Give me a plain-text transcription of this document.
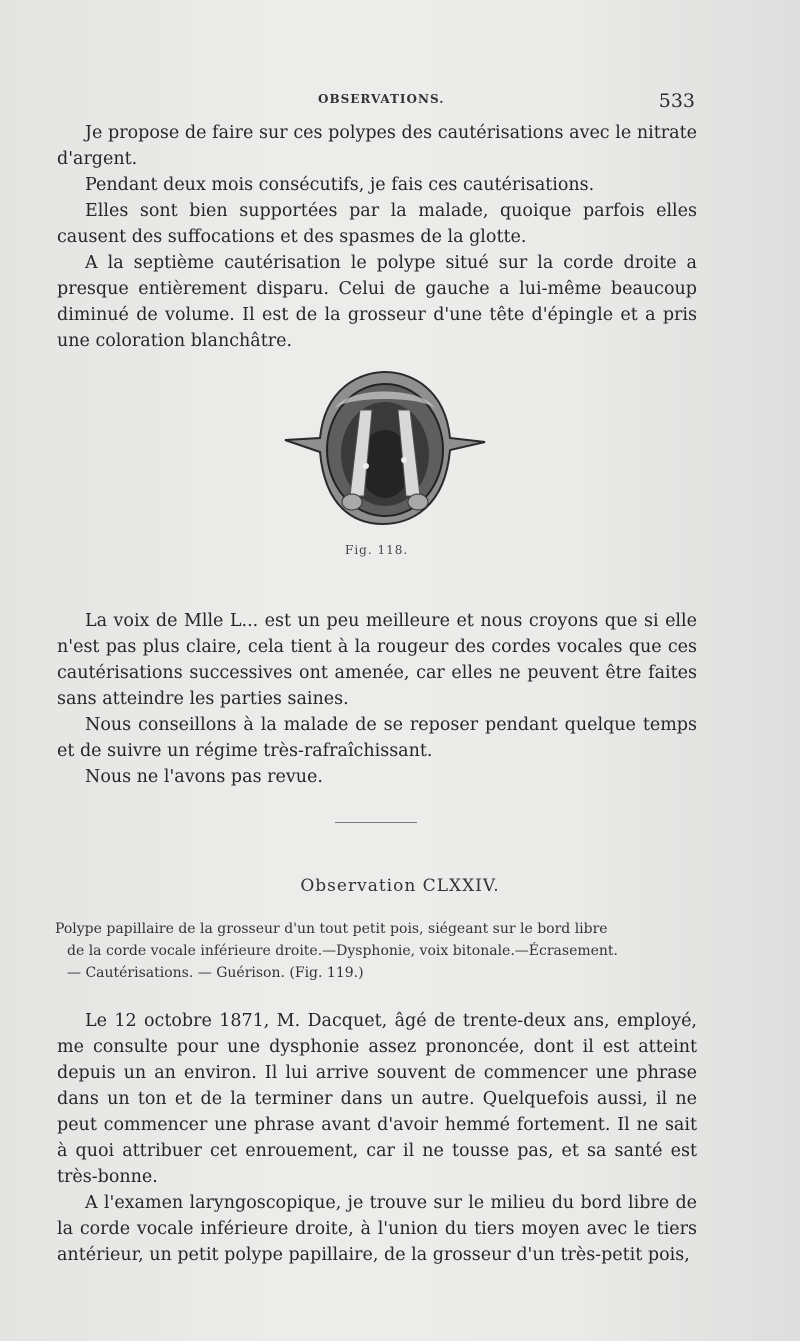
OBSERVATIONS.	533

Je propose de faire sur ces polypes des cautérisations avec le nitrate d'argent.

Pendant deux mois consécutifs, je fais ces cautérisations.

Elles sont bien supportées par la malade, quoique parfois elles causent des suffocations et des spasmes de la glotte.

A la septième cautérisation le polype situé sur la corde droite a presque entièrement disparu. Celui de gauche a lui-même beaucoup diminué de volume. Il est de la grosseur d'une tête d'épingle et a pris une coloration blanchâtre.

Fig. 118.

La voix de Mlle L... est un peu meilleure et nous croyons que si elle n'est pas plus claire, cela tient à la rougeur des cordes vocales que ces cautérisations successives ont amenée, car elles ne peuvent être faites sans atteindre les parties saines.

Nous conseillons à la malade de se reposer pendant quelque temps et de suivre un régime très-rafraîchissant.

Nous ne l'avons pas revue.

Observation CLXXIV.
Polype papillaire de la grosseur d'un tout petit pois, siégeant sur le bord libre
de la corde vocale inférieure droite.—Dysphonie, voix bitonale.—Écrasement.
— Cautérisations. — Guérison. (Fig. 119.)

Le 12 octobre 1871, M. Dacquet, âgé de trente-deux ans, employé, me consulte pour une dysphonie assez prononcée, dont il est atteint depuis un an environ. Il lui arrive souvent de commencer une phrase dans un ton et de la terminer dans un autre. Quelquefois aussi, il ne peut commencer une phrase avant d'avoir hemmé fortement. Il ne sait à quoi attribuer cet enrouement, car il ne tousse pas, et sa santé est très-bonne.

A l'examen laryngoscopique, je trouve sur le milieu du bord libre de la corde vocale inférieure droite, à l'union du tiers moyen avec le tiers antérieur, un petit polype papillaire, de la grosseur d'un très-petit pois,
